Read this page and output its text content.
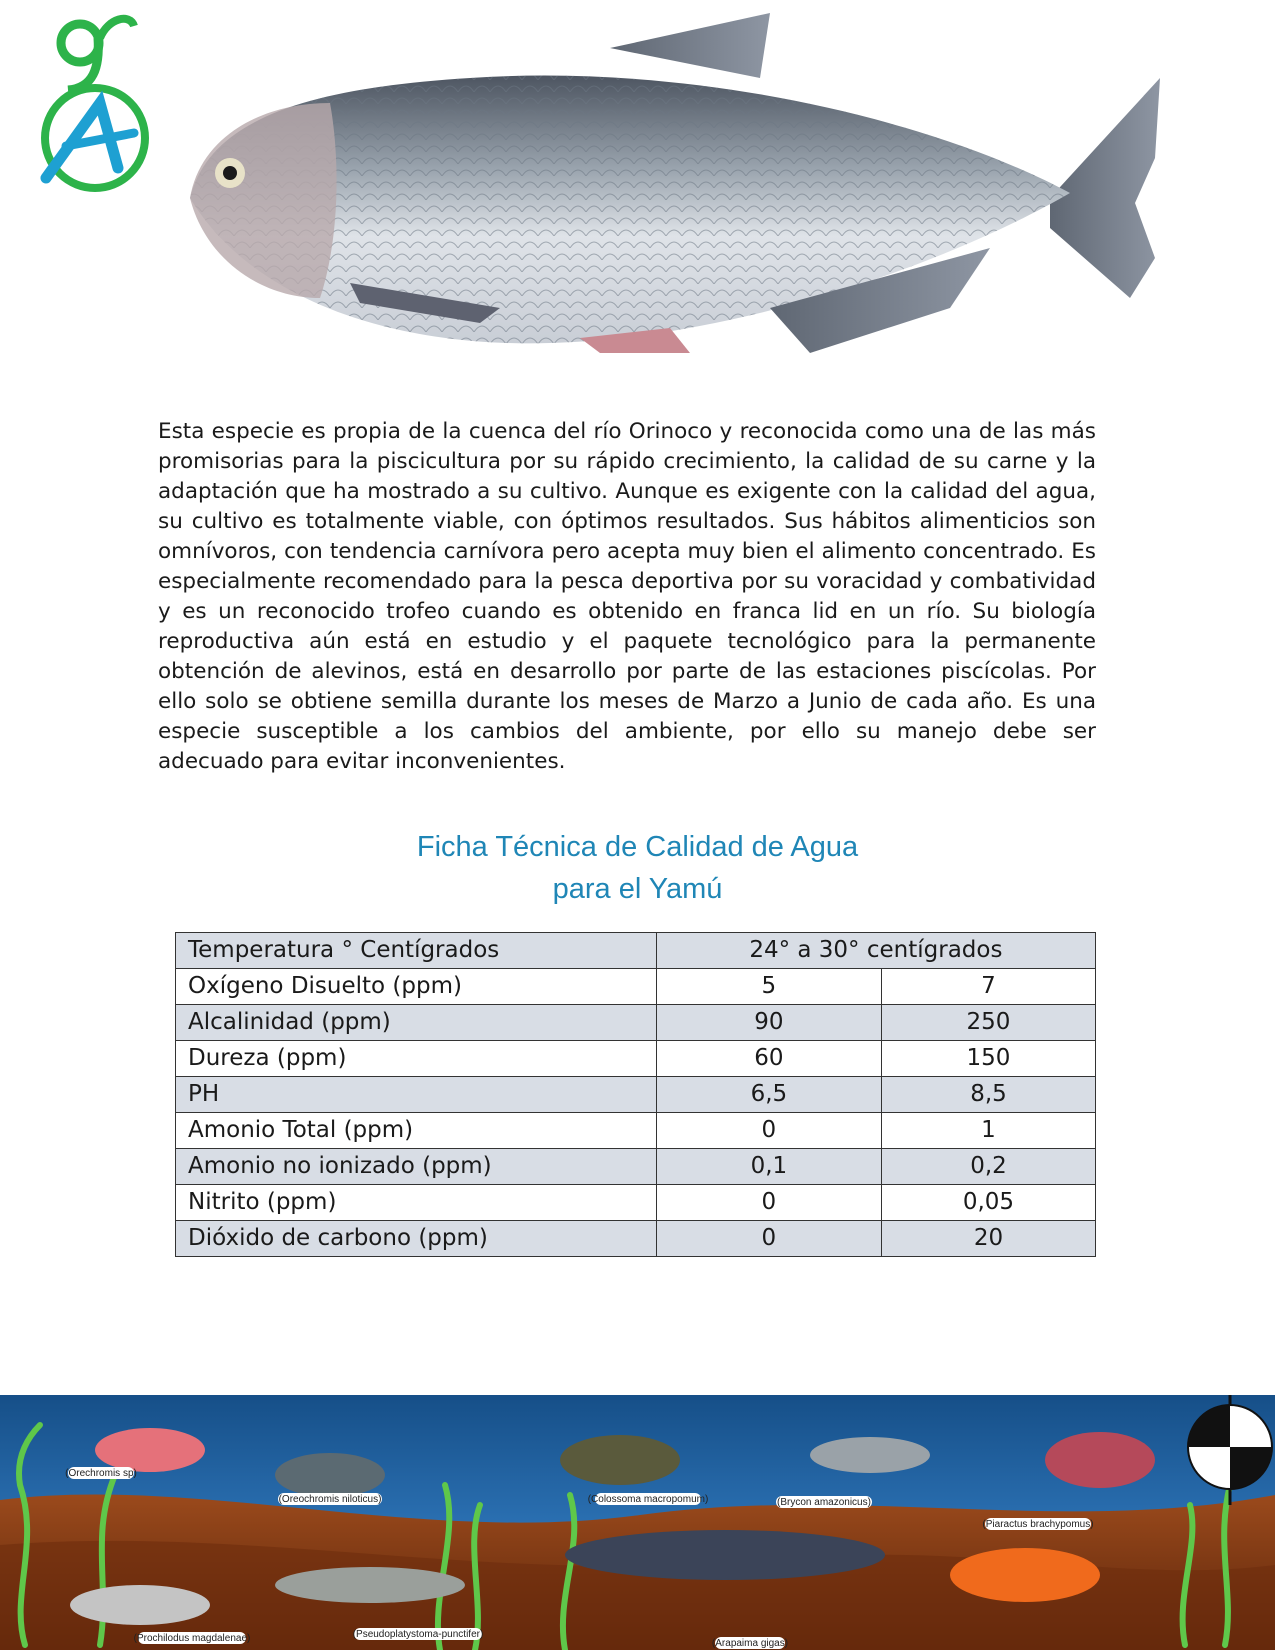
Esta especie es propia de la cuenca del río Orinoco y reconocida como una de las más promisorias para la piscicultura por su rápido crecimiento, la calidad de su carne y la adaptación que ha mostrado a su cultivo. Aunque es exigente con la calidad del agua, su cultivo es totalmente viable, con óptimos resultados. Sus hábitos alimenticios son omnívoros, con tendencia carnívora pero acepta muy bien el alimento concentrado. Es especialmente recomendado para la pesca deportiva por su voracidad y combatividad y es un reconocido trofeo cuando es obtenido en franca lid en un río. Su biología reproductiva aún está en estudio y el paquete tecnológico para la permanente obtención de alevinos, está en desarrollo por parte de las estaciones piscícolas. Por ello solo se obtiene semilla durante los meses de Marzo a Junio de cada año. Es una especie susceptible a los cambios del ambiente, por ello su manejo debe ser adecuado para evitar inconvenientes.

Ficha Técnica de Calidad de Agua
para el Yamú
Temperatura ° Centígrados	24° a 30° centígrados	
Oxígeno Disuelto (ppm)	5	7
Alcalinidad (ppm)	90	250
Dureza (ppm)	60	150
PH	6,5	8,5
Amonio Total (ppm)	0	1
Amonio no ionizado (ppm)	0,1	0,2
Nitrito (ppm)	0	0,05
Dióxido de carbono (ppm)	0	20
(Orechromis sp)
(Oreochromis niloticus)	(Colossoma macropomum)	(Brycon amazonicus)
(Piaractus brachypomus)
(Arapaima gigas)
(Prochilodus magdalenae)	(Pseudoplatystoma-punctifer)
